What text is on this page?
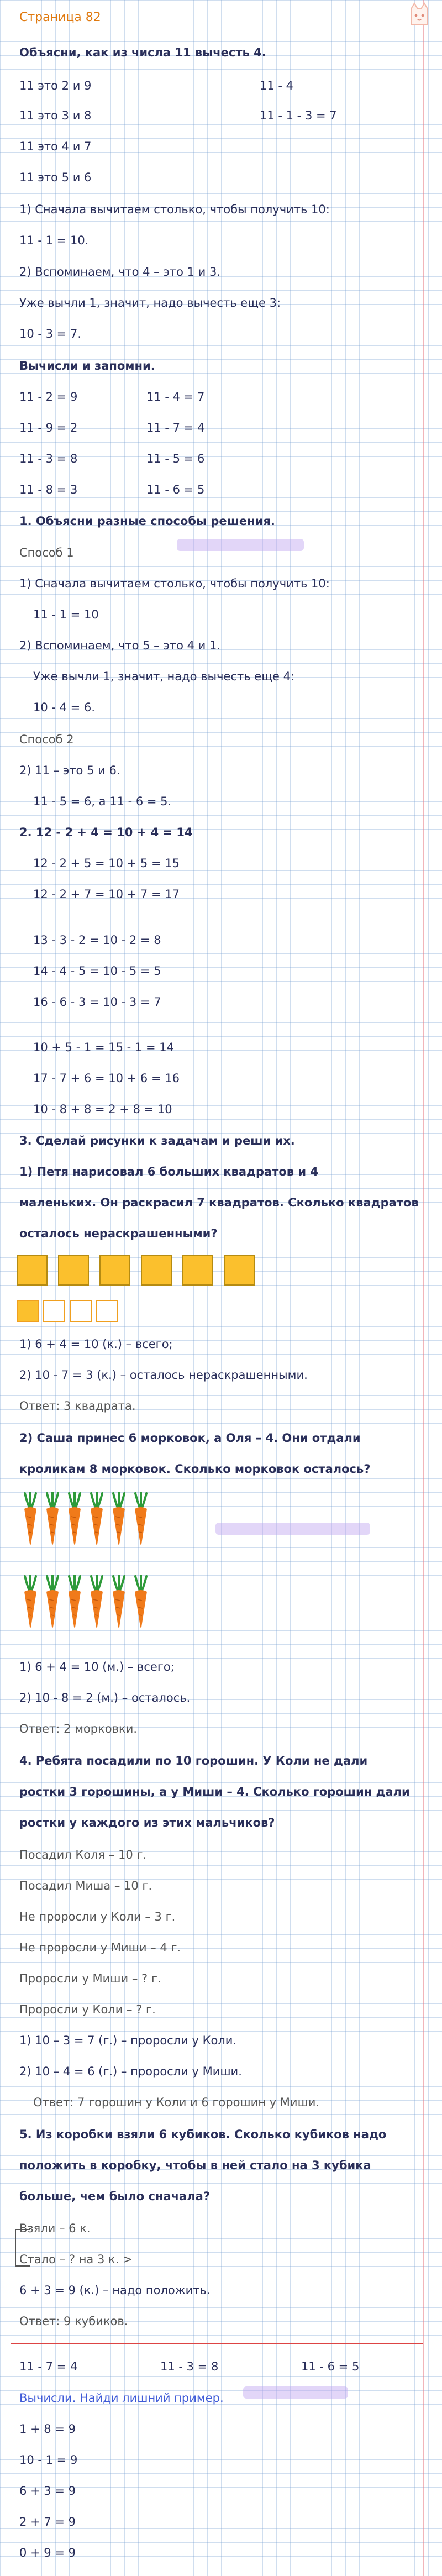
Страница 82
Объясни, как из числа 11 вычесть 4.
11 это 2 и 9	11 - 4
11 это 3 и 8	11 - 1 - 3 = 7
11 это 4 и 7
11 это 5 и 6
1) Сначала вычитаем столько, чтобы получить 10:
11 - 1 = 10.
2) Вспоминаем, что 4 – это 1 и 3.
Уже вычли 1, значит, надо вычесть еще 3:
10 - 3 = 7.
Вычисли и запомни.
11 - 2 = 9	11 - 4 = 7
11 - 9 = 2	11 - 7 = 4
11 - 3 = 8	11 - 5 = 6
11 - 8 = 3	11 - 6 = 5
1. Объясни разные способы решения.
Способ 1
1) Сначала вычитаем столько, чтобы получить 10:
11 - 1 = 10
2) Вспоминаем, что 5 – это 4 и 1.
Уже вычли 1, значит, надо вычесть еще 4:
10 - 4 = 6.
Способ 2
2) 11 – это 5 и 6.
11 - 5 = 6, а 11 - 6 = 5.
2. 12 - 2 + 4 = 10 + 4 = 14
12 - 2 + 5 = 10 + 5 = 15
12 - 2 + 7 = 10 + 7 = 17
13 - 3 - 2 = 10 - 2 = 8
14 - 4 - 5 = 10 - 5 = 5
16 - 6 - 3 = 10 - 3 = 7
10 + 5 - 1 = 15 - 1 = 14
17 - 7 + 6 = 10 + 6 = 16
10 - 8 + 8 = 2 + 8 = 10
3. Сделай рисунки к задачам и реши их.
1) Петя нарисовал 6 больших квадратов и 4
маленьких. Он раскрасил 7 квадратов. Сколько квадратов
осталось нераскрашенными?
1) 6 + 4 = 10 (к.) – всего;
2) 10 - 7 = 3 (к.) – осталось нераскрашенными.
Ответ: 3 квадрата.
2) Саша принес 6 морковок, а Оля – 4. Они отдали
кроликам 8 морковок. Сколько морковок осталось?
1) 6 + 4 = 10 (м.) – всего;
2) 10 - 8 = 2 (м.) – осталось.
Ответ: 2 морковки.
4. Ребята посадили по 10 горошин. У Коли не дали
ростки 3 горошины, а у Миши – 4. Сколько горошин дали
ростки у каждого из этих мальчиков?
Посадил Коля – 10 г.
Посадил Миша – 10 г.
Не проросли у Коли – 3 г.
Не проросли у Миши – 4 г.
Проросли у Миши – ? г.
Проросли у Коли – ? г.
1) 10 – 3 = 7 (г.) – проросли у Коли.
2) 10 – 4 = 6 (г.) – проросли у Миши.
Ответ: 7 горошин у Коли и 6 горошин у Миши.
5. Из коробки взяли 6 кубиков. Сколько кубиков надо
положить в коробку, чтобы в ней стало на 3 кубика
больше, чем было сначала?
Взяли – 6 к.
Стало – ? на 3 к. >
6 + 3 = 9 (к.) – надо положить.
Ответ: 9 кубиков.
11 - 7 = 4	11 - 3 = 8	11 - 6 = 5
Вычисли. Найди лишний пример.
1 + 8 = 9
10 - 1 = 9
6 + 3 = 9
2 + 7 = 9
0 + 9 = 9
